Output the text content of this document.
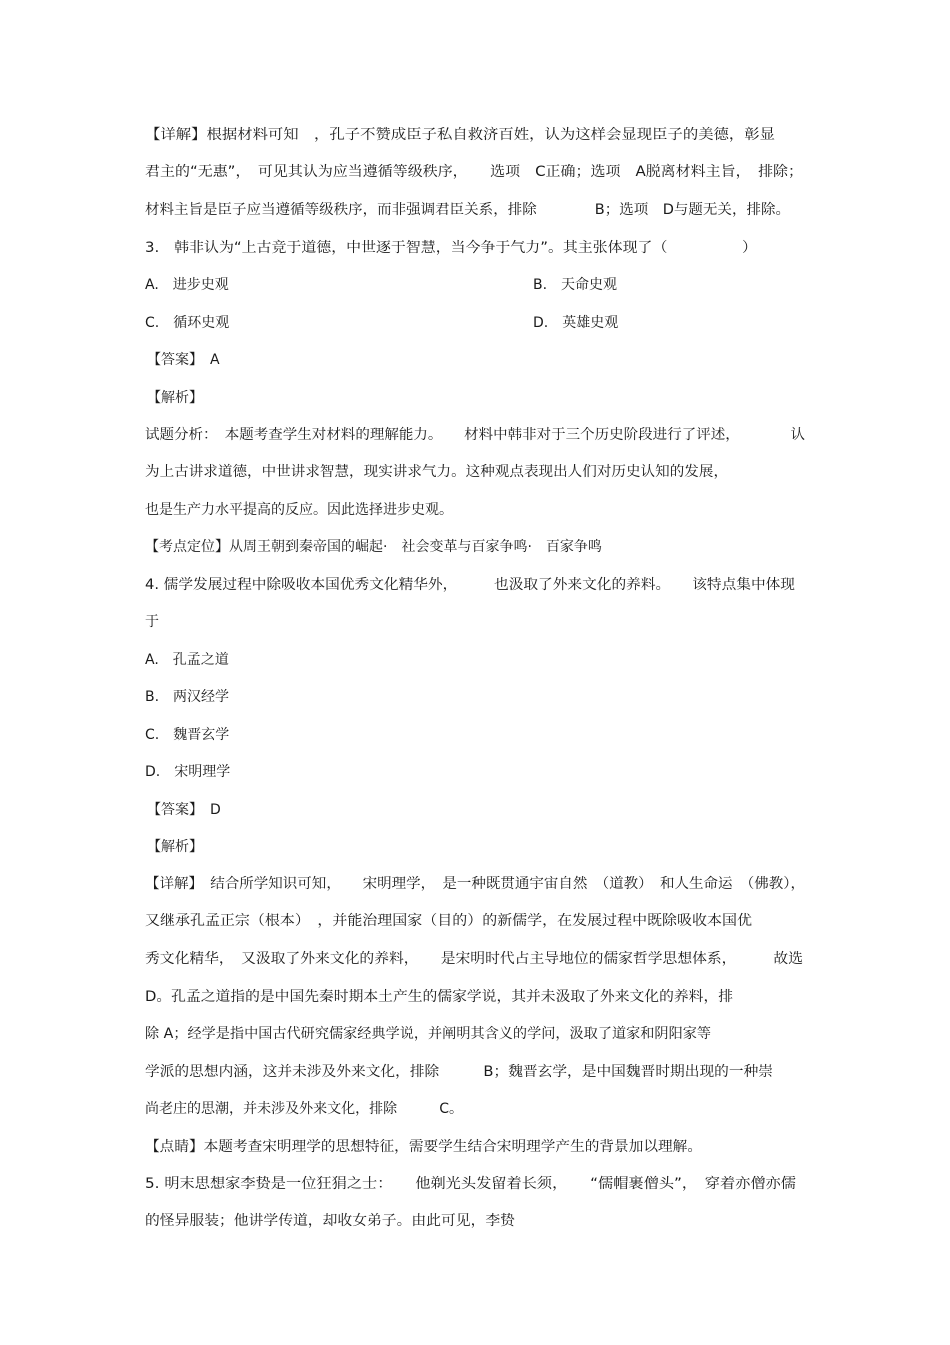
【详解】根据材料可知　，孔子不赞成臣子私自救济百姓，认为这样会显现臣子的美德，彰显
君主的“无惠”，　可见其认为应当遵循等级秩序，　　选项　C正确；选项　A脱离材料主旨，　排除；
材料主旨是臣子应当遵循等级秩序，而非强调君臣关系，排除　　　　B；选项　D与题无关，排除。
3.　韩非认为“上古竞于道德，中世逐于智慧，当今争于气力”。其主张体现了（　　　　　）
A.　进步史观	B.　天命史观
C.　循环史观	D.　英雄史观
【答案】　A
【解析】
试题分析：　本题考查学生对材料的理解能力。　　材料中韩非对于三个历史阶段进行了评述，　　　　认
为上古讲求道德，中世讲求智慧，现实讲求气力。这种观点表现出人们对历史认知的发展，
也是生产力水平提高的反应。因此选择进步史观。
【考点定位】从周王朝到秦帝国的崛起·　社会变革与百家争鸣·　百家争鸣
4. 儒学发展过程中除吸收本国优秀文化精华外，　　　也汲取了外来文化的养料。　　该特点集中体现
于
A.　孔孟之道
B.　两汉经学
C.　魏晋玄学
D.　宋明理学
【答案】　D
【解析】
【详解】　结合所学知识可知，　　宋明理学，　是一种既贯通宇宙自然　（道教）　和人生命运　（佛教），
又继承孔孟正宗（根本）　，并能治理国家（目的）的新儒学，在发展过程中既除吸收本国优
秀文化精华，　又汲取了外来文化的养料，　　是宋明时代占主导地位的儒家哲学思想体系，　　　故选
D。孔孟之道指的是中国先秦时期本土产生的儒家学说，其并未汲取了外来文化的养料，排
除 A；经学是指中国古代研究儒家经典学说，并阐明其含义的学问，汲取了道家和阴阳家等
学派的思想内涵，这并未涉及外来文化，排除　　　B；魏晋玄学，是中国魏晋时期出现的一种崇
尚老庄的思潮，并未涉及外来文化，排除　　　C。
【点睛】本题考查宋明理学的思想特征，需要学生结合宋明理学产生的背景加以理解。
5. 明末思想家李贽是一位狂狷之士：　　他剃光头发留着长须，　　“儒帽裹僧头”，　穿着亦僧亦儒
的怪异服装；他讲学传道，却收女弟子。由此可见，李贽
